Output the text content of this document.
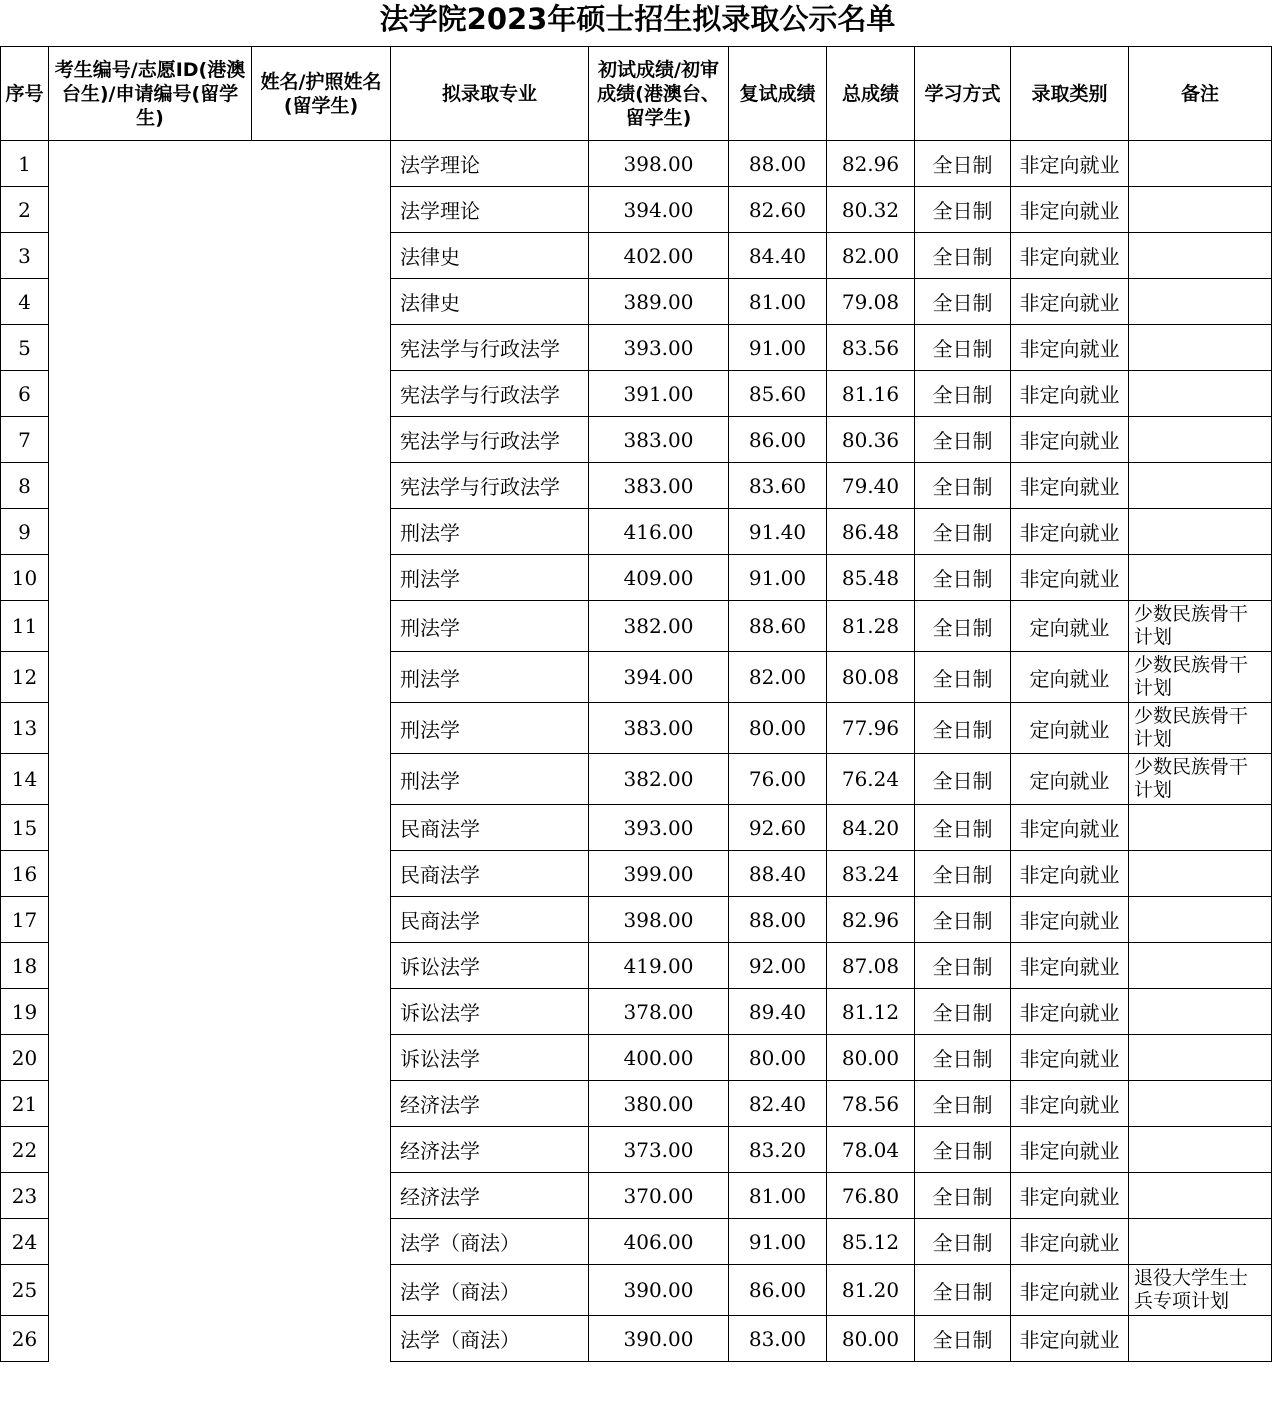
法学院2023年硕士招生拟录取公示名单
序号	考生编号/志愿ID(港澳台生)/申请编号(留学生)	姓名/护照姓名(留学生)	拟录取专业	初试成绩/初审成绩(港澳台、留学生)	复试成绩	总成绩	学习方式	录取类别	备注
1			法学理论	398.00	88.00	82.96	全日制	非定向就业	
2			法学理论	394.00	82.60	80.32	全日制	非定向就业	
3			法律史	402.00	84.40	82.00	全日制	非定向就业	
4			法律史	389.00	81.00	79.08	全日制	非定向就业	
5			宪法学与行政法学	393.00	91.00	83.56	全日制	非定向就业	
6			宪法学与行政法学	391.00	85.60	81.16	全日制	非定向就业	
7			宪法学与行政法学	383.00	86.00	80.36	全日制	非定向就业	
8			宪法学与行政法学	383.00	83.60	79.40	全日制	非定向就业	
9			刑法学	416.00	91.40	86.48	全日制	非定向就业	
10			刑法学	409.00	91.00	85.48	全日制	非定向就业	
11			刑法学	382.00	88.60	81.28	全日制	定向就业	少数民族骨干
计划
12			刑法学	394.00	82.00	80.08	全日制	定向就业	少数民族骨干
计划
13			刑法学	383.00	80.00	77.96	全日制	定向就业	少数民族骨干
计划
14			刑法学	382.00	76.00	76.24	全日制	定向就业	少数民族骨干
计划
15			民商法学	393.00	92.60	84.20	全日制	非定向就业	
16			民商法学	399.00	88.40	83.24	全日制	非定向就业	
17			民商法学	398.00	88.00	82.96	全日制	非定向就业	
18			诉讼法学	419.00	92.00	87.08	全日制	非定向就业	
19			诉讼法学	378.00	89.40	81.12	全日制	非定向就业	
20			诉讼法学	400.00	80.00	80.00	全日制	非定向就业	
21			经济法学	380.00	82.40	78.56	全日制	非定向就业	
22			经济法学	373.00	83.20	78.04	全日制	非定向就业	
23			经济法学	370.00	81.00	76.80	全日制	非定向就业	
24			法学（商法）	406.00	91.00	85.12	全日制	非定向就业	
25			法学（商法）	390.00	86.00	81.20	全日制	非定向就业	退役大学生士
兵专项计划
26			法学（商法）	390.00	83.00	80.00	全日制	非定向就业	
